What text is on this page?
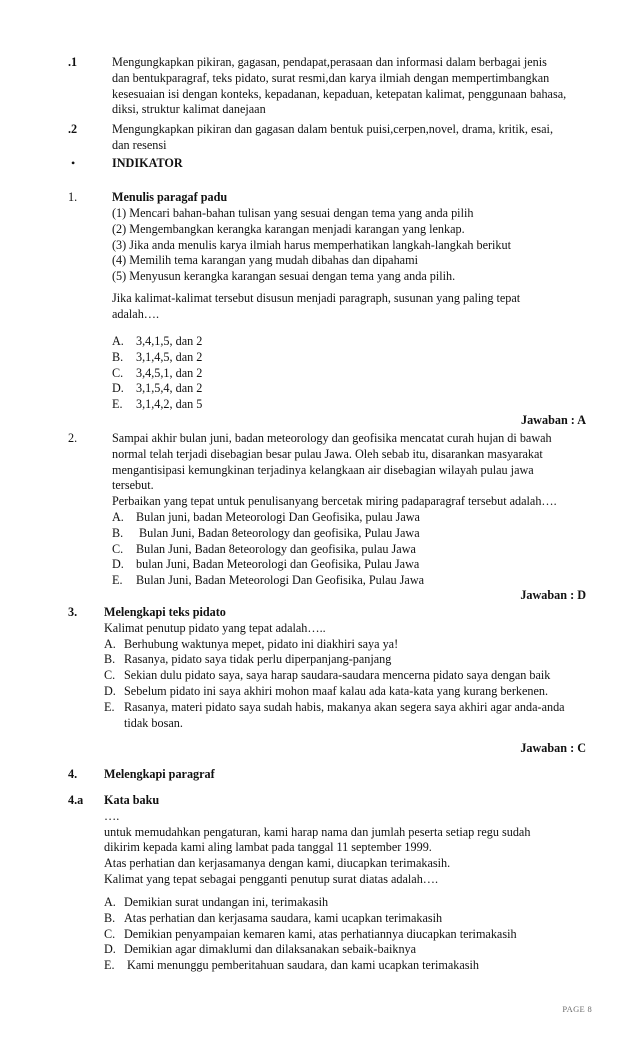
.1	Mengungkapkan pikiran, gagasan, pendapat,perasaan dan informasi dalam berbagai jenis
dan bentukparagraf, teks pidato, surat resmi,dan karya ilmiah dengan mempertimbangkan
kesesuaian isi dengan konteks, kepadanan, kepaduan, ketepatan kalimat, penggunaan bahasa,
diksi, struktur kalimat danejaan
.2	Mengungkapkan pikiran dan gagasan dalam bentuk puisi,cerpen,novel, drama, kritik, esai,
dan resensi
•	INDIKATOR
1.	Menulis paragaf padu
(1) Mencari bahan-bahan tulisan yang sesuai dengan tema yang anda pilih
(2) Mengembangkan kerangka karangan menjadi karangan yang lenkap.
(3) Jika anda menulis karya ilmiah harus memperhatikan langkah-langkah berikut
(4) Memilih tema karangan yang mudah dibahas dan dipahami
(5) Menyusun kerangka karangan sesuai dengan tema yang anda pilih.
Jika kalimat-kalimat tersebut disusun menjadi paragraph, susunan yang paling tepat
adalah….
A. 3,4,1,5, dan 2
B. 3,1,4,5, dan 2
C. 3,4,5,1, dan 2
D. 3,1,5,4, dan 2
E. 3,1,4,2, dan 5
Jawaban : A
2.	Sampai akhir bulan juni, badan meteorology dan geofisika mencatat curah hujan di bawah
normal telah terjadi disebagian besar pulau Jawa. Oleh sebab itu, disarankan masyarakat
mengantisipasi kemungkinan terjadinya kelangkaan air disebagian wilayah pulau jawa
tersebut.
Perbaikan yang tepat untuk penulisanyang bercetak miring padaparagraf tersebut adalah….
A. Bulan juni, badan Meteorologi Dan Geofisika, pulau Jawa
B. Bulan Juni, Badan 8eteorology dan geofisika, Pulau Jawa
C. Bulan Juni, Badan 8eteorology dan geofisika, pulau Jawa
D. bulan Juni, Badan Meteorologi dan Geofisika, Pulau Jawa
E. Bulan Juni, Badan Meteorologi Dan Geofisika, Pulau Jawa
Jawaban : D
3. Melengkapi teks pidato
Kalimat penutup pidato yang tepat adalah…..
A. Berhubung waktunya mepet, pidato ini diakhiri saya ya!
B. Rasanya, pidato saya tidak perlu diperpanjang-panjang
C. Sekian dulu pidato saya, saya harap saudara-saudara mencerna pidato saya dengan baik
D. Sebelum pidato ini saya akhiri mohon maaf kalau ada kata-kata yang kurang berkenen.
E. Rasanya, materi pidato saya sudah habis, makanya akan segera saya akhiri agar anda-anda
tidak bosan.
Jawaban : C
4. Melengkapi paragraf
4.a Kata baku
….
untuk memudahkan pengaturan, kami harap nama dan jumlah peserta setiap regu sudah
dikirim kepada kami aling lambat pada tanggal 11 september 1999.
Atas perhatian dan kerjasamanya dengan kami, diucapkan terimakasih.
Kalimat yang tepat sebagai pengganti penutup surat diatas adalah….
A. Demikian surat undangan ini, terimakasih
B. Atas perhatian dan kerjasama saudara, kami ucapkan terimakasih
C. Demikian penyampaian kemaren kami, atas perhatiannya diucapkan terimakasih
D. Demikian agar dimaklumi dan dilaksanakan sebaik-baiknya
E. Kami menunggu pemberitahuan saudara, dan kami ucapkan terimakasih
PAGE 8
